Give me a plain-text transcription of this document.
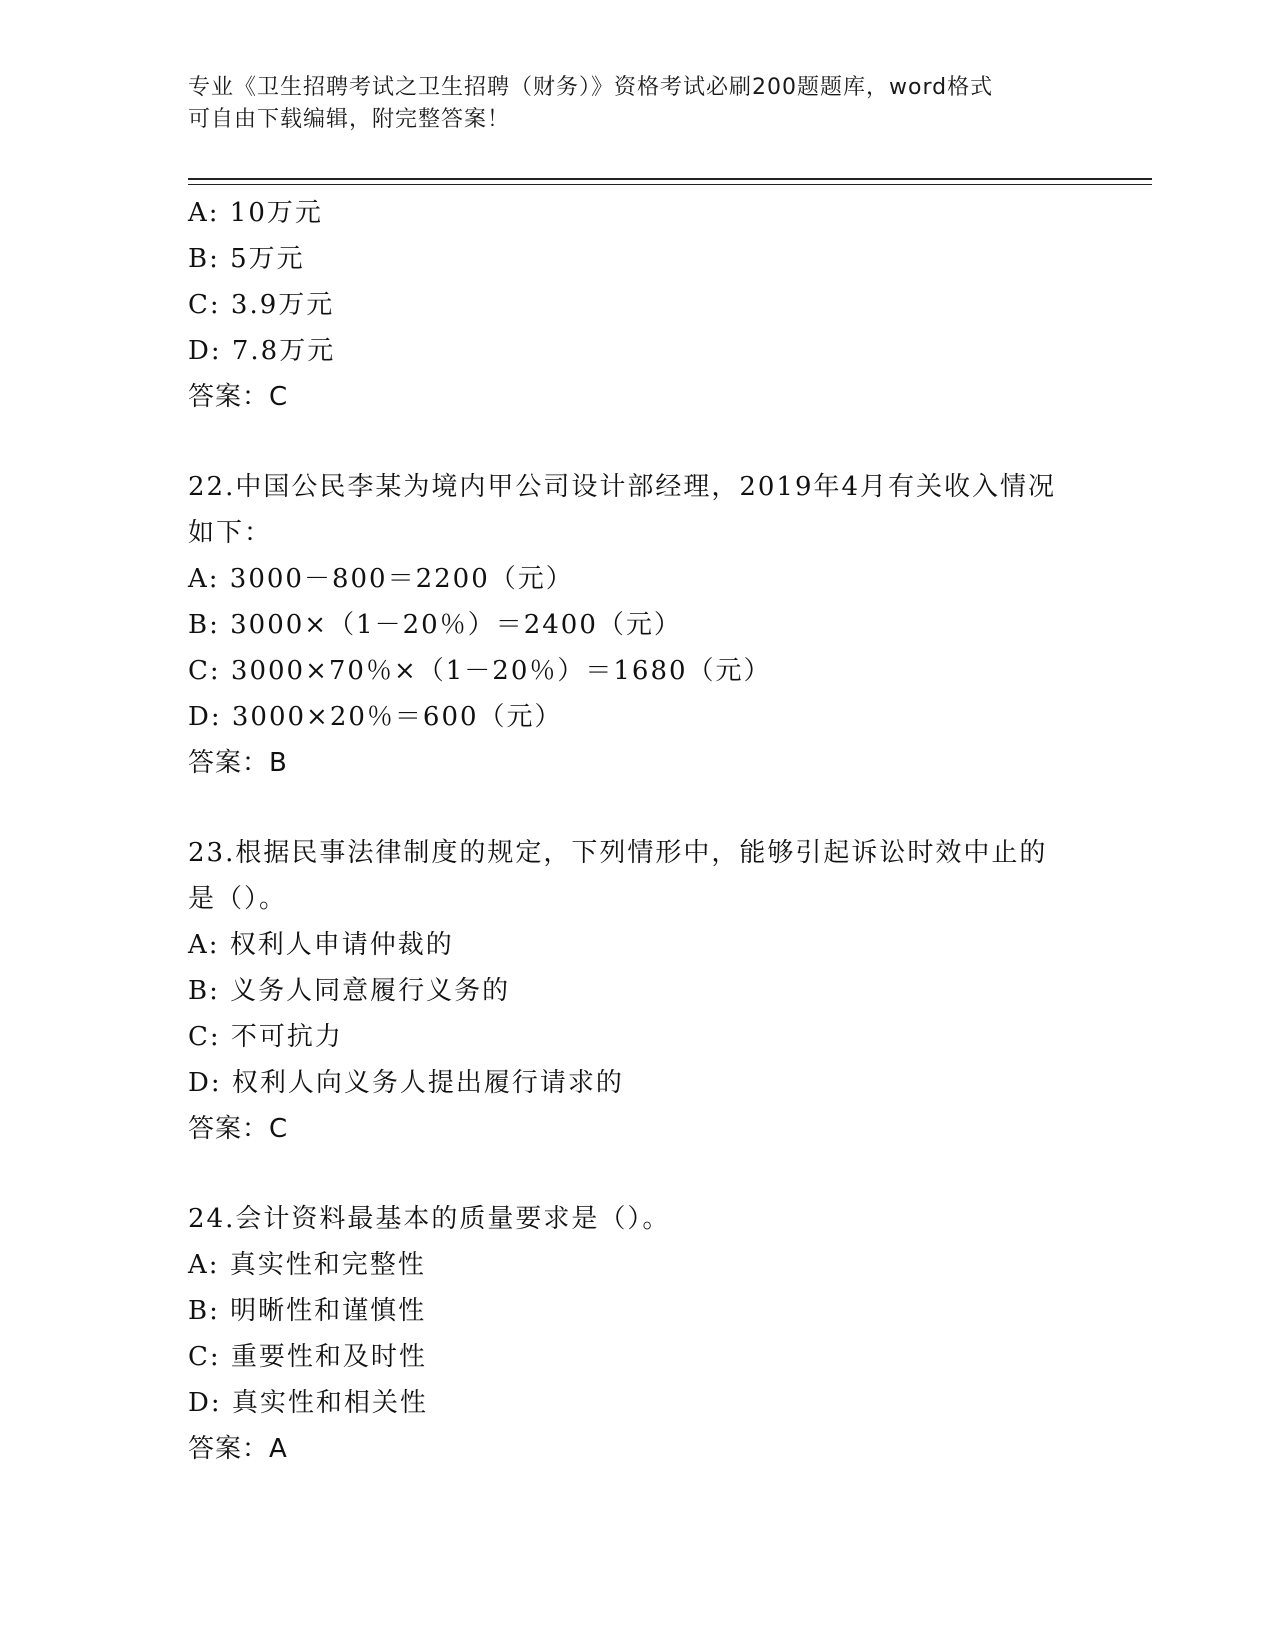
专业《卫生招聘考试之卫生招聘（财务）》资格考试必刷200题题库，word格式
可自由下载编辑，附完整答案！
A: 10万元
B: 5万元
C: 3.9万元
D: 7.8万元
答案：C
22.中国公民李某为境内甲公司设计部经理，2019年4月有关收入情况
如下：
A: 3000－800＝2200（元）
B: 3000×（1－20％）＝2400（元）
C: 3000×70％×（1－20％）＝1680（元）
D: 3000×20％＝600（元）
答案：B
23.根据民事法律制度的规定，下列情形中，能够引起诉讼时效中止的
是（）。
A: 权利人申请仲裁的
B: 义务人同意履行义务的
C: 不可抗力
D: 权利人向义务人提出履行请求的
答案：C
24.会计资料最基本的质量要求是（）。
A: 真实性和完整性
B: 明晰性和谨慎性
C: 重要性和及时性
D: 真实性和相关性
答案：A
